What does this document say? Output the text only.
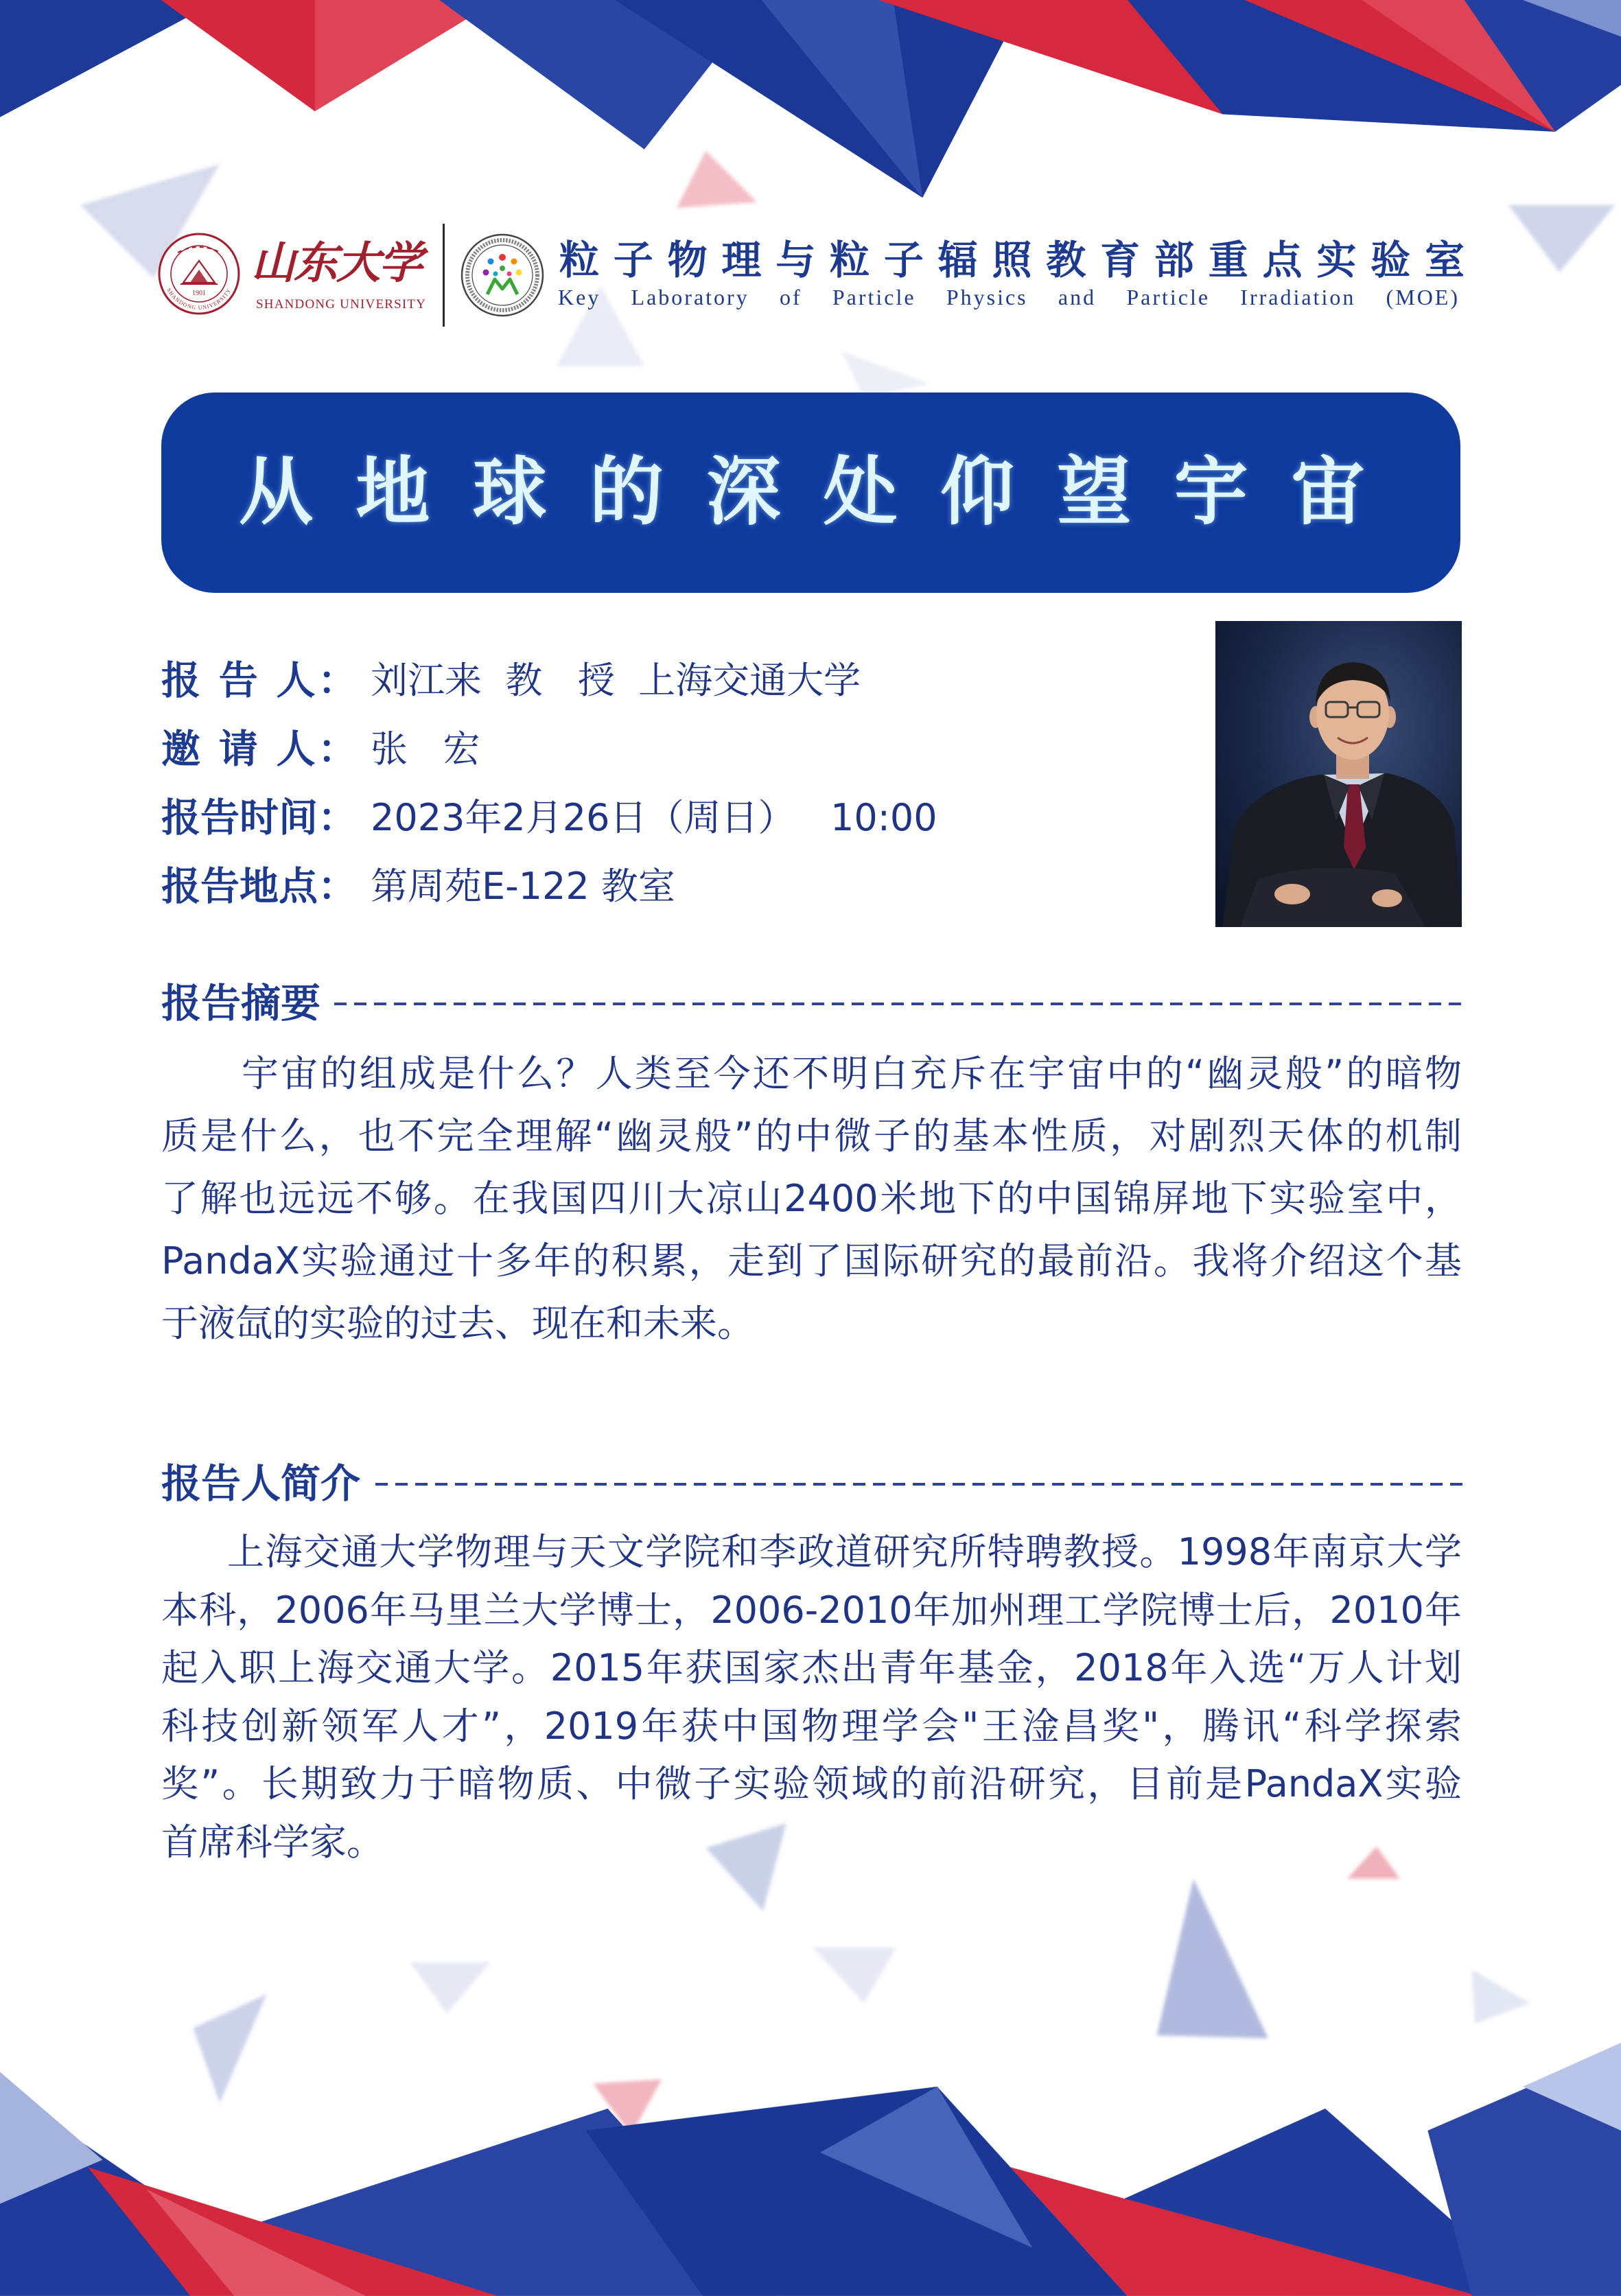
SHANDONG UNIVERSITY
1901
山东大学
SHANDONG UNIVERSITY
粒子物理与粒子辐照教育部重点实验室
Key Laboratory of Particle Physics and Particle Irradiation (MOE)
从地球的深处仰望宇宙
报 告 人： 刘江来  教   授  上海交通大学
邀 请 人： 张   宏
报告时间： 2023年2月26日（周日）   10:00
报告地点： 第周苑E-122 教室
报告摘要
宇宙的组成是什么？人类至今还不明白充斥在宇宙中的“幽灵般”的暗物
质是什么，也不完全理解“幽灵般”的中微子的基本性质，对剧烈天体的机制
了解也远远不够。在我国四川大凉山2400米地下的中国锦屏地下实验室中，
PandaX实验通过十多年的积累，走到了国际研究的最前沿。我将介绍这个基
于液氙的实验的过去、现在和未来。
报告人简介
上海交通大学物理与天文学院和李政道研究所特聘教授。1998年南京大学
本科，2006年马里兰大学博士，2006-2010年加州理工学院博士后，2010年
起入职上海交通大学。2015年获国家杰出青年基金，2018年入选“万人计划
科技创新领军人才”，2019年获中国物理学会"王淦昌奖"，腾讯“科学探索
奖”。长期致力于暗物质、中微子实验领域的前沿研究，目前是PandaX实验
首席科学家。
